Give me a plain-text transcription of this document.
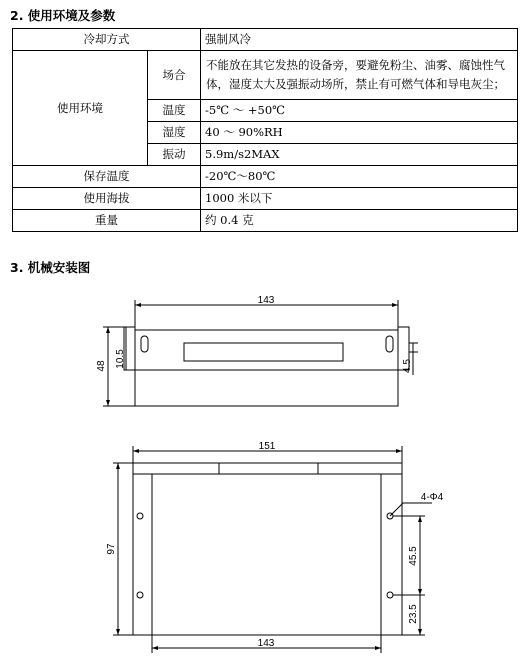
2. 使用环境及参数
冷却方式		强制风冷
使用环境	场合	不能放在其它发热的设备旁，要避免粉尘、油雾、腐蚀性气体，湿度太大及强振动场所，禁止有可燃气体和导电灰尘；
	温度	-5℃ ～ +50℃
	湿度	40 ～ 90%RH
	振动	5.9m/s2MAX
保存温度		-20℃～80℃
使用海拔		1000 米以下
重量		约 0.4 克
3. 机械安装图
143
48 10.5	4.5
151
97
4-Φ4
45.5
23.5
143
